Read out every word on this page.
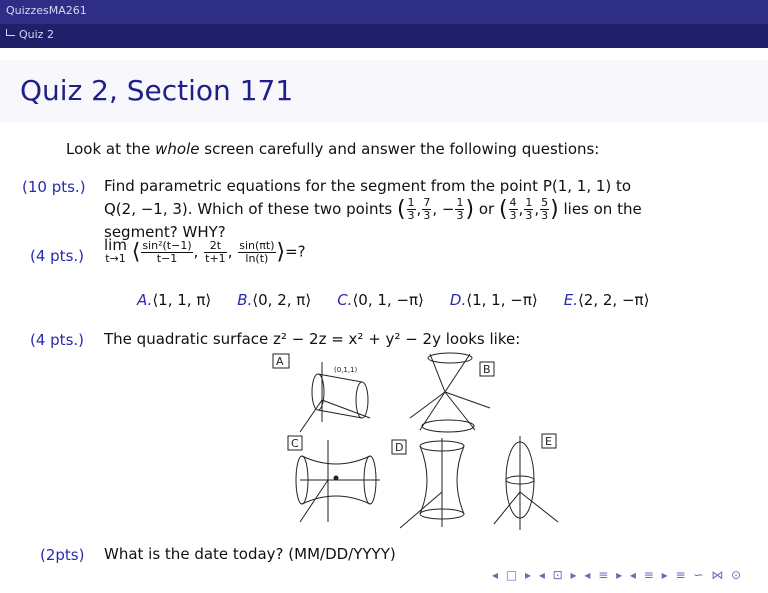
QuizzesMA261
Quiz 2
Quiz 2, Section 171
Look at the whole screen carefully and answer the following questions:
(10 pts.) Find parametric equations for the segment from the point P(1, 1, 1) to
Q(2, −1, 3). Which of these two points ( $\frac{1}{3}$ , $\frac{7}{3}$ , − $\frac{1}{3}$ ) or ( $\frac{4}{3}$ , $\frac{1}{3}$ , $\frac{5}{3}$ ) lies on the
segment? WHY?
(4 pts.)
lim
t→1 ⟨ $\frac{\text{sin²(t−1)}}{t-1}$ , $\frac{2t}{t+1}$ , $\frac{\sin(\pi t)}{\ln(t)}$ ⟩=?
A.⟨1, 1, π⟩ B.⟨0, 2, π⟩ C.⟨0, 1, −π⟩ D.⟨1, 1, −π⟩ E.⟨2, 2, −π⟩
(4 pts.) The quadratic surface z² − 2z = x² + y² − 2y looks like:
A
(0,1,1)	B
C	D	E
(2pts) What is the date today? (MM/DD/YYYY)
◂ □ ▸ ◂ ⊡ ▸ ◂ ≡ ▸ ◂ ≡ ▸ ≡ ∽ ⋈ ⊙
